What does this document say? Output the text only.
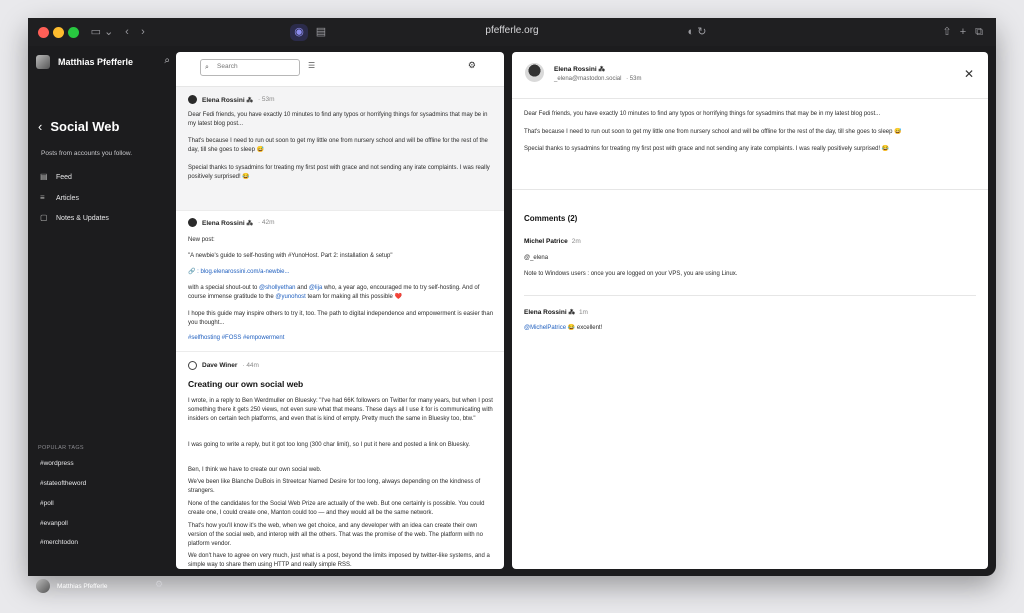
▭ ⌄	‹	›	◉	▤	pfefferle.org	◐ ↻	⇧ + ⧉
Matthias Pfefferle	⌕
‹ Social Web
Posts from accounts you follow.
▤ Feed
≡	Articles
▢ Notes & Updates
POPULAR TAGS
#wordpress
#stateoftheword
#poll
#evanpoll
#merchtodon
Matthias Pfefferle	⚙
⌕
Search	☰	⚙
Elena Rossini ⁂ · 53m
Dear Fedi friends, you have exactly 10 minutes to find any typos or horrifying things for sysadmins that may be in my latest blog post...
That's because I need to run out soon to get my little one from nursery school and will be offline for the rest of the day, till she goes to sleep 😅
Special thanks to sysadmins for treating my first post with grace and not sending any irate complaints. I was really positively surprised! 😂
Elena Rossini ⁂ · 42m
New post:
"A newbie's guide to self-hosting with #YunoHost. Part 2: installation & setup"
🔗 : blog.elenarossini.com/a-newbie...
with a special shout-out to @shollyethan and @lija who, a year ago, encouraged me to try self-hosting. And of course immense gratitude to the @yunohost team for making all this possible ❤️
I hope this guide may inspire others to try it, too. The path to digital independence and empowerment is easier than you thought...
#selfhosting #FOSS #empowerment
Dave Winer · 44m
Creating our own social web
I wrote, in a reply to Ben Werdmuller on Bluesky: "I've had 66K followers on Twitter for many years, but when I post something there it gets 250 views, not even sure what that means. These days all I use it for is communicating with insiders on certain tech platforms, and even that is kind of empty. Pretty much the same in Bluesky too, btw."
I was going to write a reply, but it got too long (300 char limit), so I put it here and posted a link on Bluesky.
Ben, I think we have to create our own social web.
We've been like Blanche DuBois in Streetcar Named Desire for too long, always depending on the kindness of strangers.
None of the candidates for the Social Web Prize are actually of the web. But one certainly is possible. You could create one, I could create one, Manton could too — and they would all be the same network.
That's how you'll know it's the web, when we get choice, and any developer with an idea can create their own version of the social web, and interop with all the others. That was the promise of the web. The platform with no platform vendor.
We don't have to agree on very much, just what is a post, beyond the limits imposed by twitter-like systems, and a simple way to share them using HTTP and really simple RSS.
Elena Rossini ⁂
_elena@mastodon.social · 53m	✕
Dear Fedi friends, you have exactly 10 minutes to find any typos or horrifying things for sysadmins that may be in my latest blog post...
That's because I need to run out soon to get my little one from nursery school and will be offline for the rest of the day, till she goes to sleep 😅
Special thanks to sysadmins for treating my first post with grace and not sending any irate complaints. I was really positively surprised! 😂
Comments (2)
Michel Patrice 2m
@_elena
Note to Windows users : once you are logged on your VPS, you are using Linux.
Elena Rossini ⁂ 1m
@MichelPatrice 😂 excellent!
